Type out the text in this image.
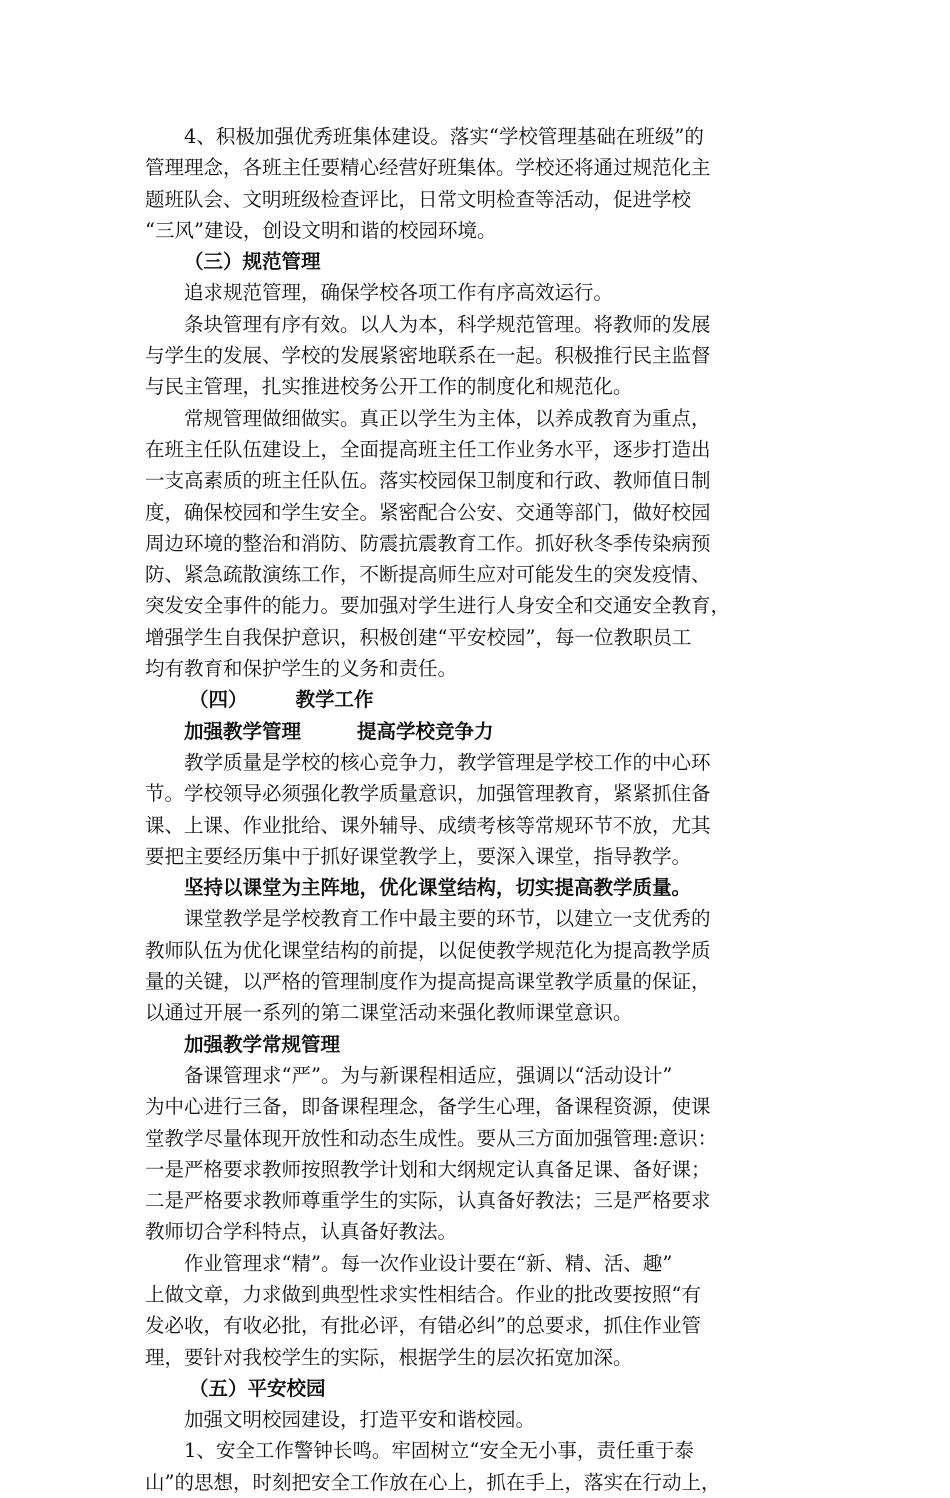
4、积极加强优秀班集体建设。落实“学校管理基础在班级”的
管理理念，各班主任要精心经营好班集体。学校还将通过规范化主
题班队会、文明班级检查评比，日常文明检查等活动，促进学校
“三风”建设，创设文明和谐的校园环境。
（三）规范管理
追求规范管理，确保学校各项工作有序高效运行。
条块管理有序有效。以人为本，科学规范管理。将教师的发展
与学生的发展、学校的发展紧密地联系在一起。积极推行民主监督
与民主管理，扎实推进校务公开工作的制度化和规范化。
常规管理做细做实。真正以学生为主体，以养成教育为重点，
在班主任队伍建设上，全面提高班主任工作业务水平，逐步打造出
一支高素质的班主任队伍。落实校园保卫制度和行政、教师值日制
度，确保校园和学生安全。紧密配合公安、交通等部门，做好校园
周边环境的整治和消防、防震抗震教育工作。抓好秋冬季传染病预
防、紧急疏散演练工作，不断提高师生应对可能发生的突发疫情、
突发安全事件的能力。要加强对学生进行人身安全和交通安全教育，
增强学生自我保护意识，积极创建“平安校园”，每一位教职员工
均有教育和保护学生的义务和责任。
（四） 教学工作
加强教学管理	提高学校竞争力
教学质量是学校的核心竞争力，教学管理是学校工作的中心环
节。学校领导必须强化教学质量意识，加强管理教育，紧紧抓住备
课、上课、作业批给、课外辅导、成绩考核等常规环节不放，尤其
要把主要经历集中于抓好课堂教学上，要深入课堂，指导教学。
坚持以课堂为主阵地，优化课堂结构，切实提高教学质量。
课堂教学是学校教育工作中最主要的环节，以建立一支优秀的
教师队伍为优化课堂结构的前提，以促使教学规范化为提高教学质
量的关键，以严格的管理制度作为提高提高课堂教学质量的保证，
以通过开展一系列的第二课堂活动来强化教师课堂意识。
加强教学常规管理
备课管理求“严”。为与新课程相适应，强调以“活动设计”
为中心进行三备，即备课程理念，备学生心理，备课程资源，使课
堂教学尽量体现开放性和动态生成性。要从三方面加强管理:意识：
一是严格要求教师按照教学计划和大纲规定认真备足课、备好课；
二是严格要求教师尊重学生的实际，认真备好教法；三是严格要求
教师切合学科特点，认真备好教法。
作业管理求“精”。每一次作业设计要在“新、精、活、趣”
上做文章，力求做到典型性求实性相结合。作业的批改要按照“有
发必收，有收必批，有批必评，有错必纠”的总要求，抓住作业管
理，要针对我校学生的实际，根据学生的层次拓宽加深。
（五）平安校园
加强文明校园建设，打造平安和谐校园。
1、安全工作警钟长鸣。牢固树立“安全无小事，责任重于泰
山”的思想，时刻把安全工作放在心上，抓在手上，落实在行动上，
